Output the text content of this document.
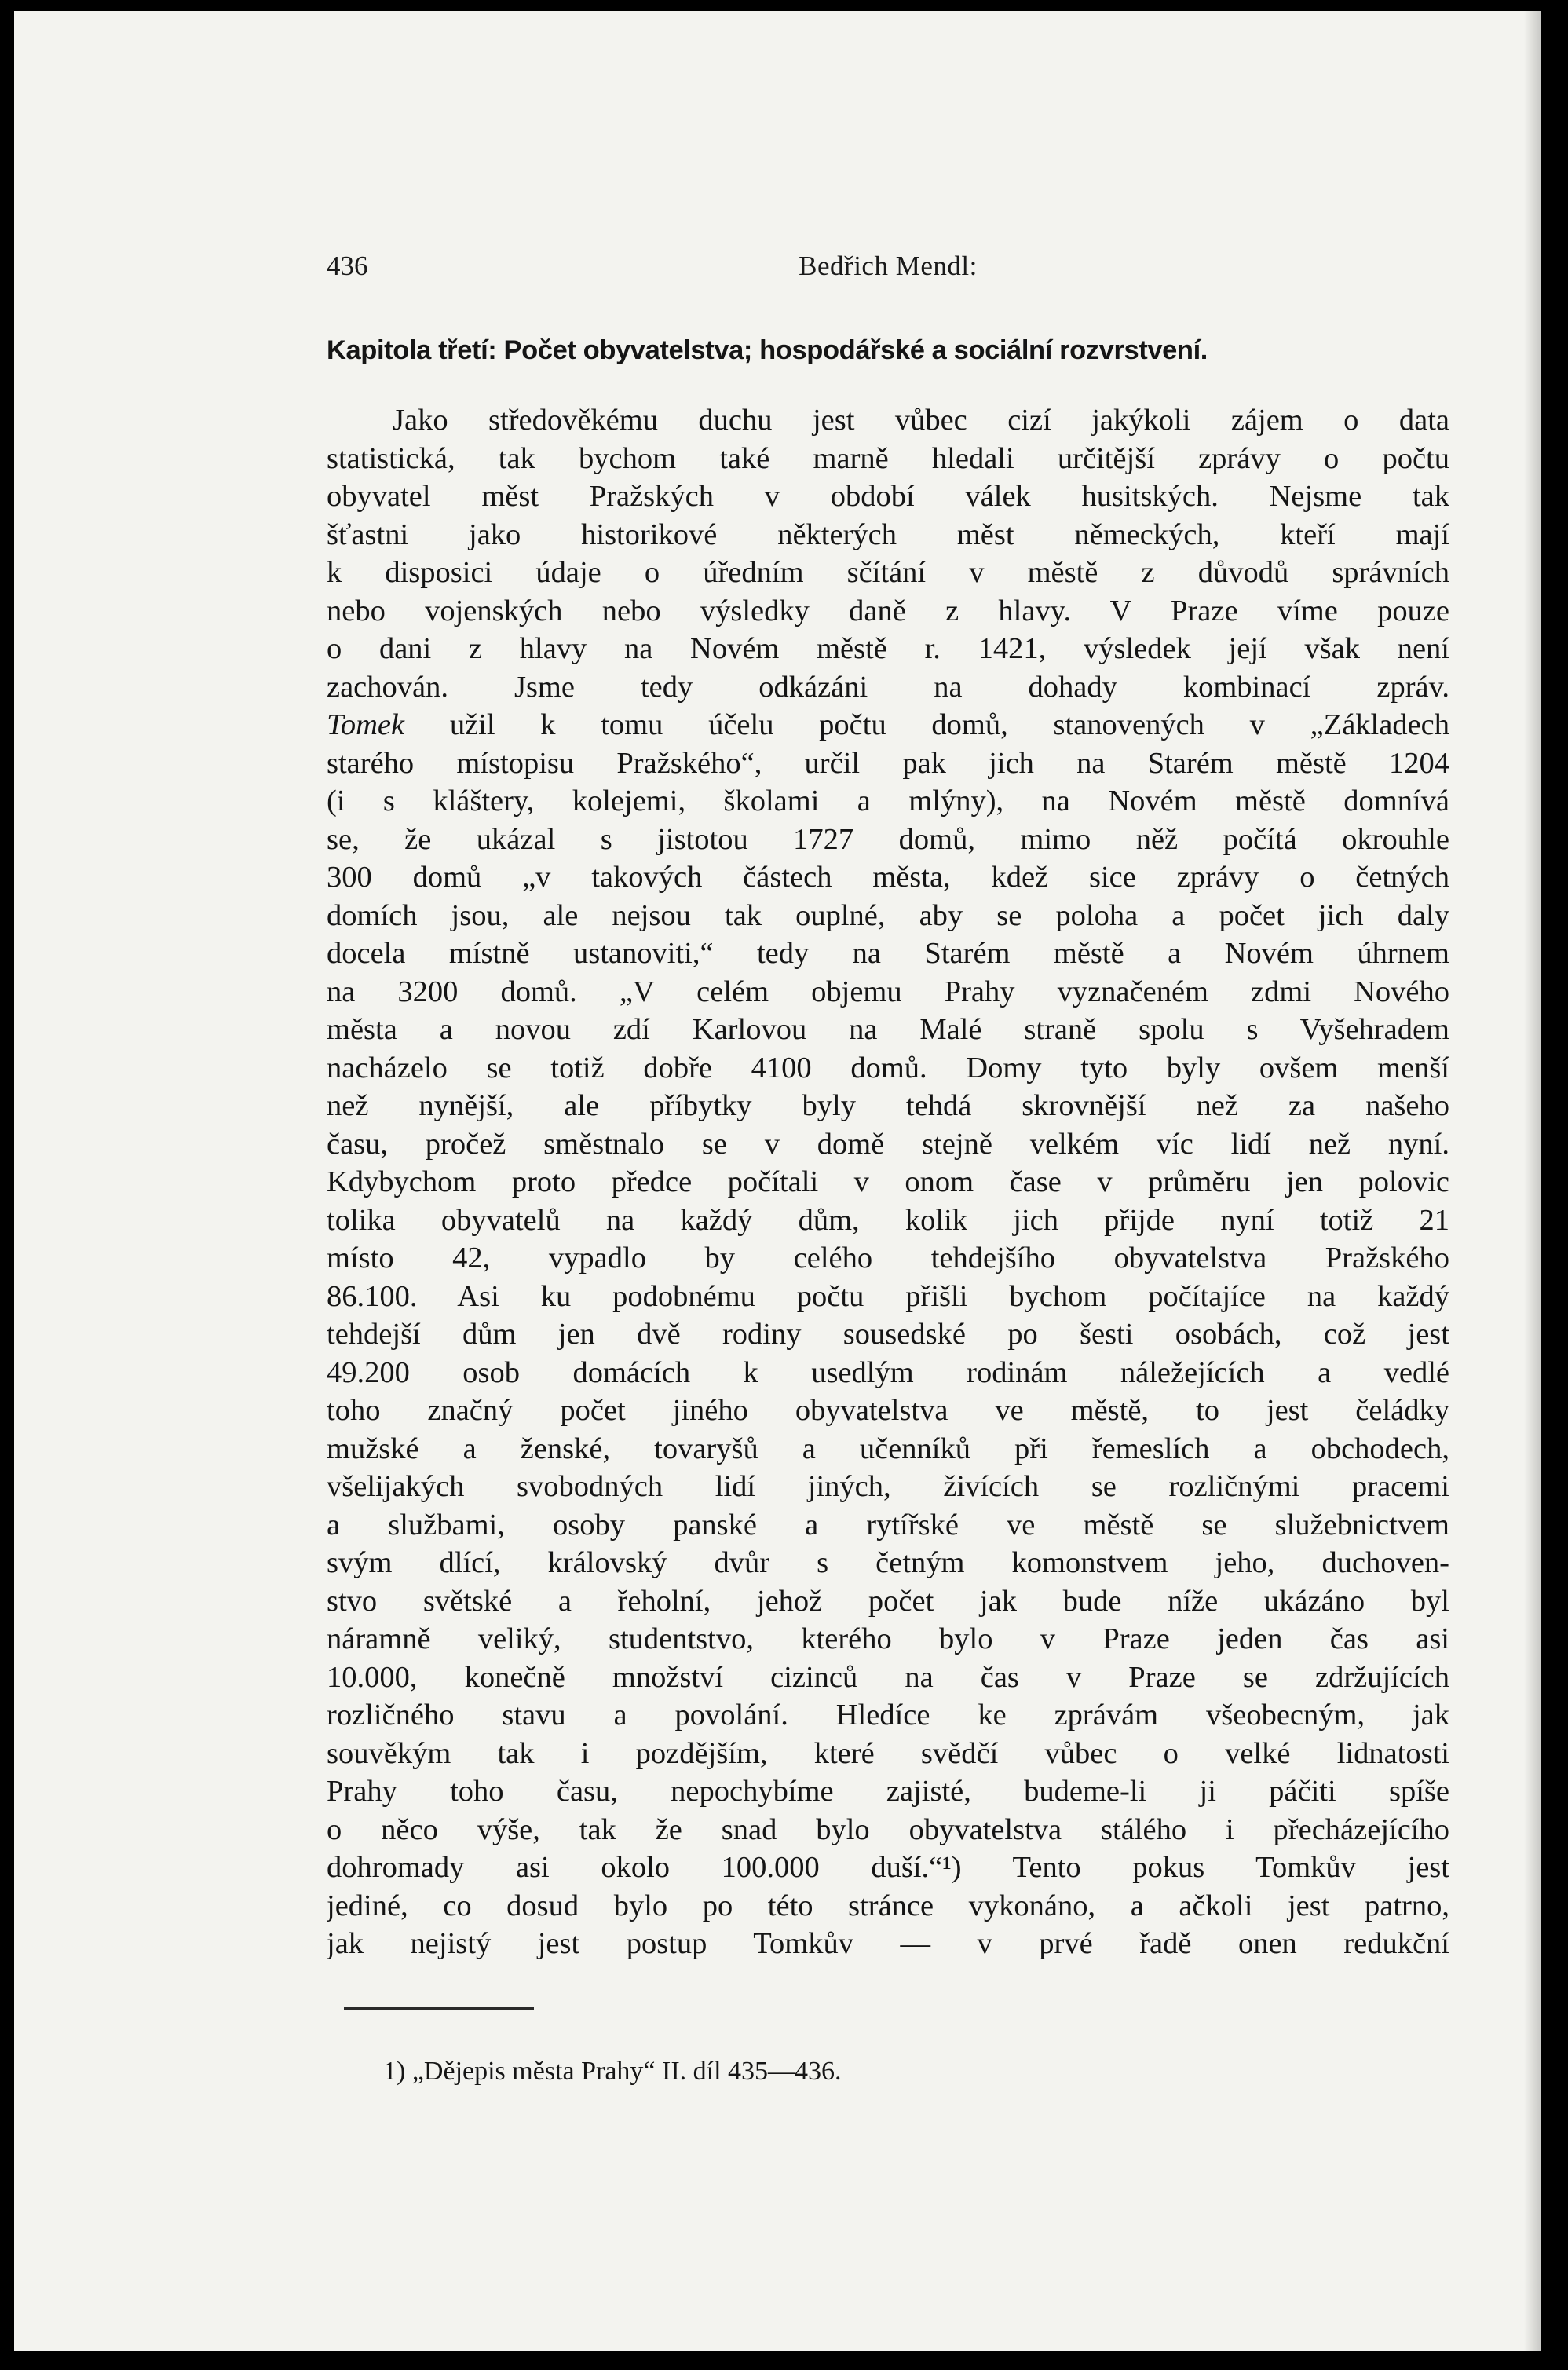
436	Bedřich Mendl:
Kapitola třetí: Počet obyvatelstva; hospodářské a sociální rozvrstvení.
Jako středověkému duchu jest vůbec cizí jakýkoli zájem o data
statistická, tak bychom také marně hledali určitější zprávy o počtu
obyvatel měst Pražských v období válek husitských. Nejsme tak
šťastni jako historikové některých měst německých, kteří mají
k disposici údaje o úředním sčítání v městě z důvodů správních
nebo vojenských nebo výsledky daně z hlavy. V Praze víme pouze
o dani z hlavy na Novém městě r. 1421, výsledek její však není
zachován. Jsme tedy odkázáni na dohady kombinací zpráv.
Tomek užil k tomu účelu počtu domů, stanovených v „Základech
starého místopisu Pražského“, určil pak jich na Starém městě 1204
(i s kláštery, kolejemi, školami a mlýny), na Novém městě domnívá
se, že ukázal s jistotou 1727 domů, mimo něž počítá okrouhle
300 domů „v takových částech města, kdež sice zprávy o četných
domích jsou, ale nejsou tak ouplné, aby se poloha a počet jich daly
docela místně ustanoviti,“ tedy na Starém městě a Novém úhrnem
na 3200 domů. „V celém objemu Prahy vyznačeném zdmi Nového
města a novou zdí Karlovou na Malé straně spolu s Vyšehradem
nacházelo se totiž dobře 4100 domů. Domy tyto byly ovšem menší
než nynější, ale příbytky byly tehdá skrovnější než za našeho
času, pročež směstnalo se v domě stejně velkém víc lidí než nyní.
Kdybychom proto předce počítali v onom čase v průměru jen polovic
tolika obyvatelů na každý dům, kolik jich přijde nyní totiž 21
místo 42, vypadlo by celého tehdejšího obyvatelstva Pražského
86.100. Asi ku podobnému počtu přišli bychom počítajíce na každý
tehdejší dům jen dvě rodiny sousedské po šesti osobách, což jest
49.200 osob domácích k usedlým rodinám náležejících a vedlé
toho značný počet jiného obyvatelstva ve městě, to jest čeládky
mužské a ženské, tovaryšů a učenníků při řemeslích a obchodech,
všelijakých svobodných lidí jiných, živících se rozličnými pracemi
a službami, osoby panské a rytířské ve městě se služebnictvem
svým dlící, královský dvůr s četným komonstvem jeho, duchoven-
stvo světské a řeholní, jehož počet jak bude níže ukázáno byl
náramně veliký, studentstvo, kterého bylo v Praze jeden čas asi
10.000, konečně množství cizinců na čas v Praze se zdržujících
rozličného stavu a povolání. Hledíce ke zprávám všeobecným, jak
souvěkým tak i pozdějším, které svědčí vůbec o velké lidnatosti
Prahy toho času, nepochybíme zajisté, budeme-li ji páčiti spíše
o něco výše, tak že snad bylo obyvatelstva stálého i přecházejícího
dohromady asi okolo 100.000 duší.“¹) Tento pokus Tomkův jest
jediné, co dosud bylo po této stránce vykonáno, a ačkoli jest patrno,
jak nejistý jest postup Tomkův — v prvé řadě onen redukční
1) „Dějepis města Prahy“ II. díl 435—436.
